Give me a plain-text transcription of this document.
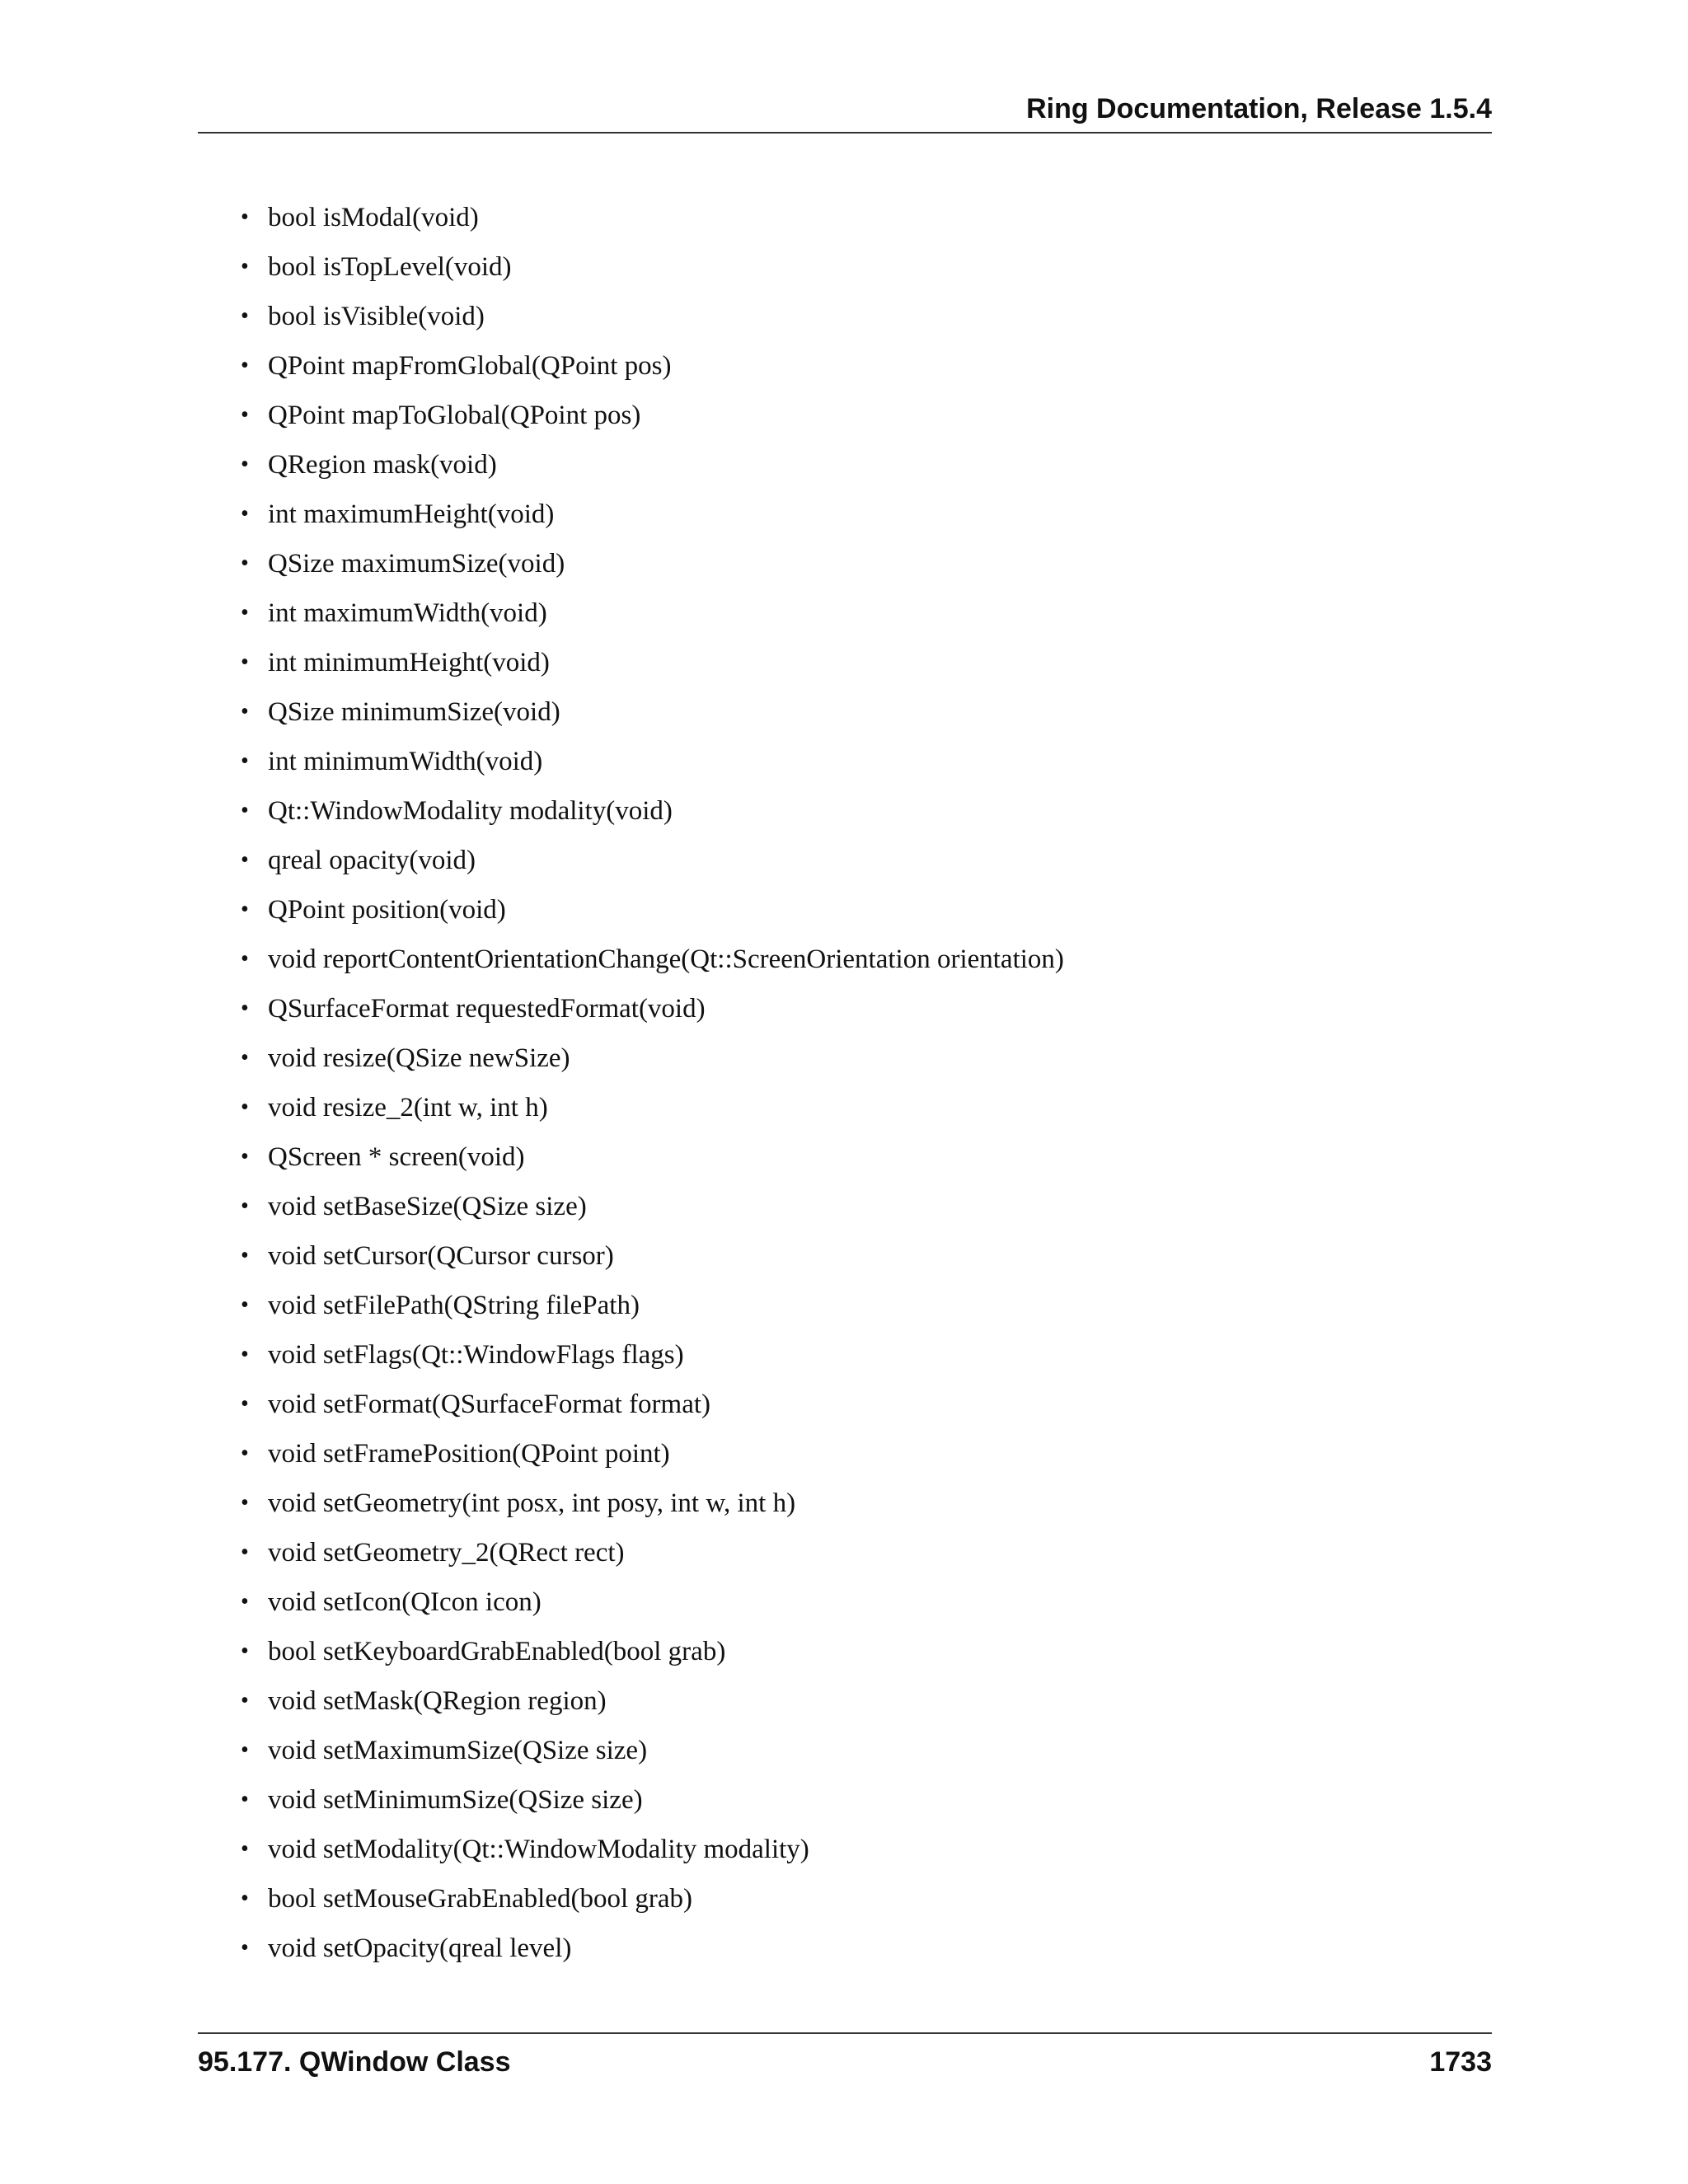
Ring Documentation, Release 1.5.4
• bool isModal(void)
• bool isTopLevel(void)
• bool isVisible(void)
• QPoint mapFromGlobal(QPoint pos)
• QPoint mapToGlobal(QPoint pos)
• QRegion mask(void)
• int maximumHeight(void)
• QSize maximumSize(void)
• int maximumWidth(void)
• int minimumHeight(void)
• QSize minimumSize(void)
• int minimumWidth(void)
• Qt::WindowModality modality(void)
• qreal opacity(void)
• QPoint position(void)
• void reportContentOrientationChange(Qt::ScreenOrientation orientation)
• QSurfaceFormat requestedFormat(void)
• void resize(QSize newSize)
• void resize_2(int w, int h)
• QScreen * screen(void)
• void setBaseSize(QSize size)
• void setCursor(QCursor cursor)
• void setFilePath(QString filePath)
• void setFlags(Qt::WindowFlags flags)
• void setFormat(QSurfaceFormat format)
• void setFramePosition(QPoint point)
• void setGeometry(int posx, int posy, int w, int h)
• void setGeometry_2(QRect rect)
• void setIcon(QIcon icon)
• bool setKeyboardGrabEnabled(bool grab)
• void setMask(QRegion region)
• void setMaximumSize(QSize size)
• void setMinimumSize(QSize size)
• void setModality(Qt::WindowModality modality)
• bool setMouseGrabEnabled(bool grab)
• void setOpacity(qreal level)
95.177. QWindow Class	1733
